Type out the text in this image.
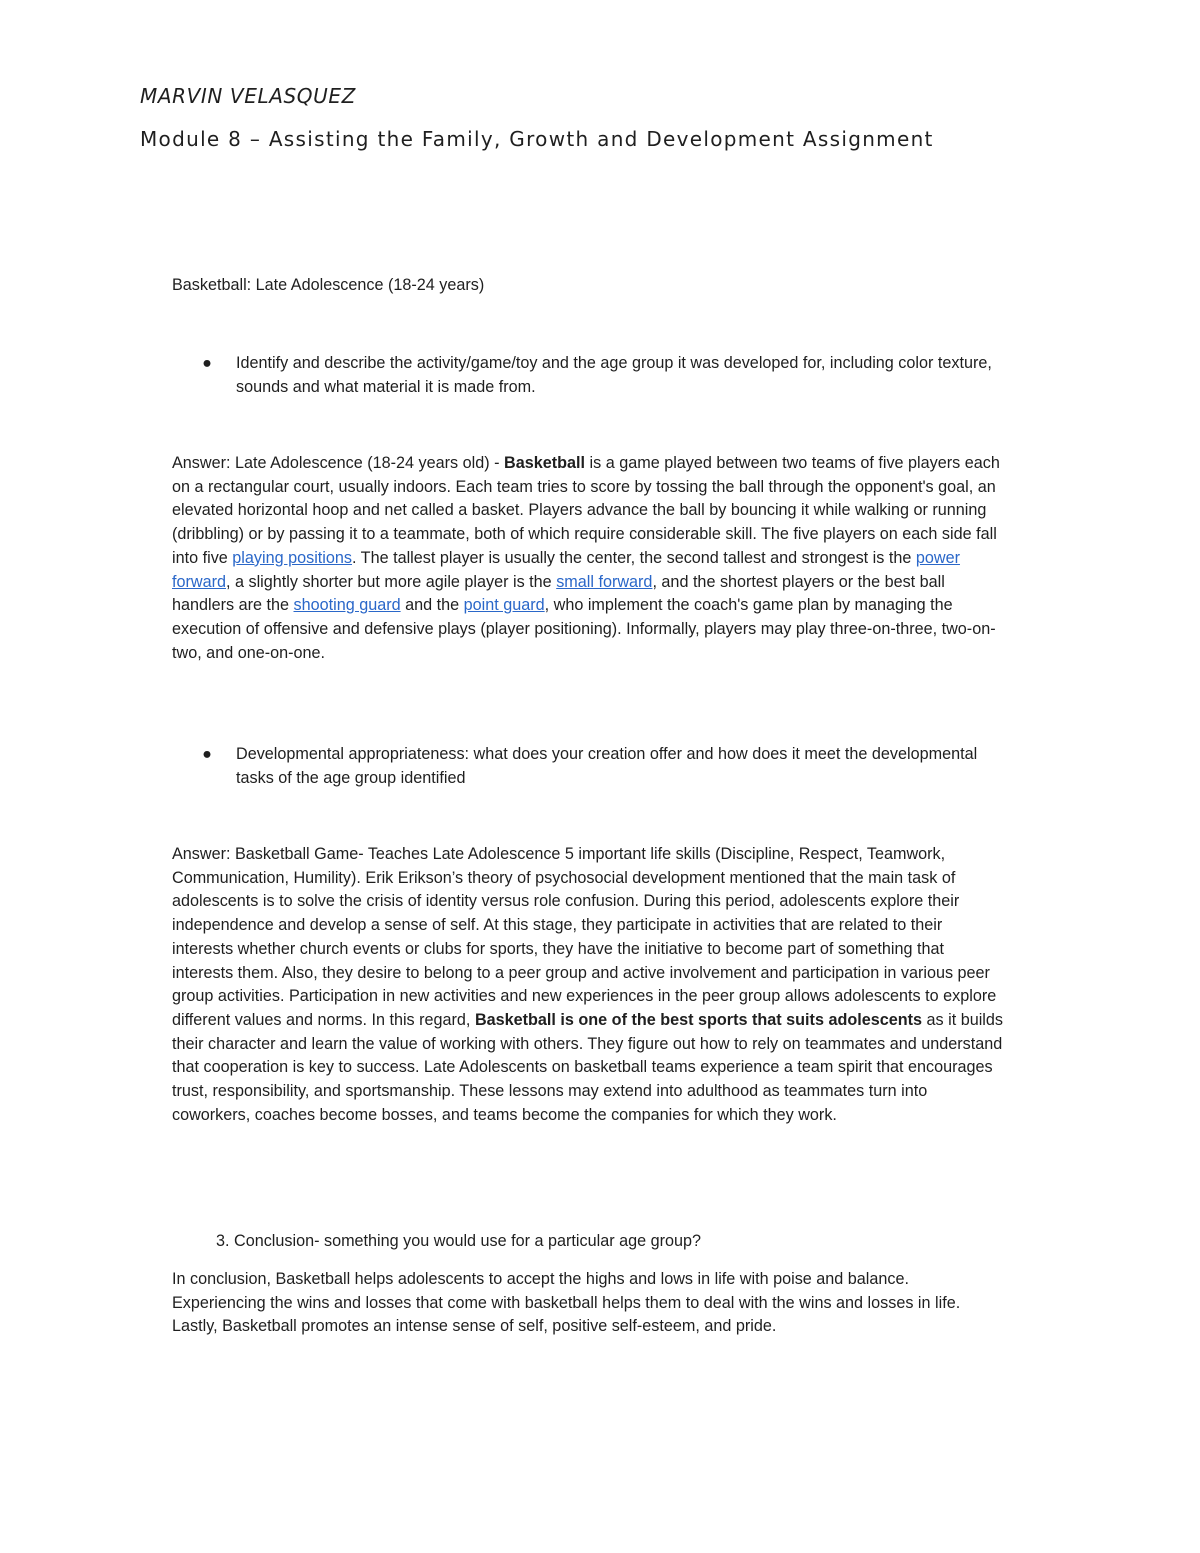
MARVIN VELASQUEZ

Module 8 – Assisting the Family, Growth and Development Assignment
Basketball: Late Adolescence (18-24 years)
● Identify and describe the activity/game/toy and the age group it was developed for, including color texture, sounds and what material it is made from.

Answer: Late Adolescence (18-24 years old) - Basketball is a game played between two teams of five players each on a rectangular court, usually indoors. Each team tries to score by tossing the ball through the opponent's goal, an elevated horizontal hoop and net called a basket. Players advance the ball by bouncing it while walking or running (dribbling) or by passing it to a teammate, both of which require considerable skill. The five players on each side fall into five playing positions. The tallest player is usually the center, the second tallest and strongest is the power forward, a slightly shorter but more agile player is the small forward, and the shortest players or the best ball handlers are the shooting guard and the point guard, who implement the coach's game plan by managing the execution of offensive and defensive plays (player positioning). Informally, players may play three-on-three, two-on-two, and one-on-one.

● Developmental appropriateness: what does your creation offer and how does it meet the developmental tasks of the age group identified

Answer: Basketball Game- Teaches Late Adolescence 5 important life skills (Discipline, Respect, Teamwork, Communication, Humility). Erik Erikson’s theory of psychosocial development mentioned that the main task of adolescents is to solve the crisis of identity versus role confusion. During this period, adolescents explore their independence and develop a sense of self. At this stage, they participate in activities that are related to their interests whether church events or clubs for sports, they have the initiative to become part of something that interests them. Also, they desire to belong to a peer group and active involvement and participation in various peer group activities. Participation in new activities and new experiences in the peer group allows adolescents to explore different values and norms. In this regard, Basketball is one of the best sports that suits adolescents as it builds their character and learn the value of working with others. They figure out how to rely on teammates and understand that cooperation is key to success. Late Adolescents on basketball teams experience a team spirit that encourages trust, responsibility, and sportsmanship. These lessons may extend into adulthood as teammates turn into coworkers, coaches become bosses, and teams become the companies for which they work.

3. Conclusion- something you would use for a particular age group?

In conclusion, Basketball helps adolescents to accept the highs and lows in life with poise and balance. Experiencing the wins and losses that come with basketball helps them to deal with the wins and losses in life. Lastly, Basketball promotes an intense sense of self, positive self-esteem, and pride.
